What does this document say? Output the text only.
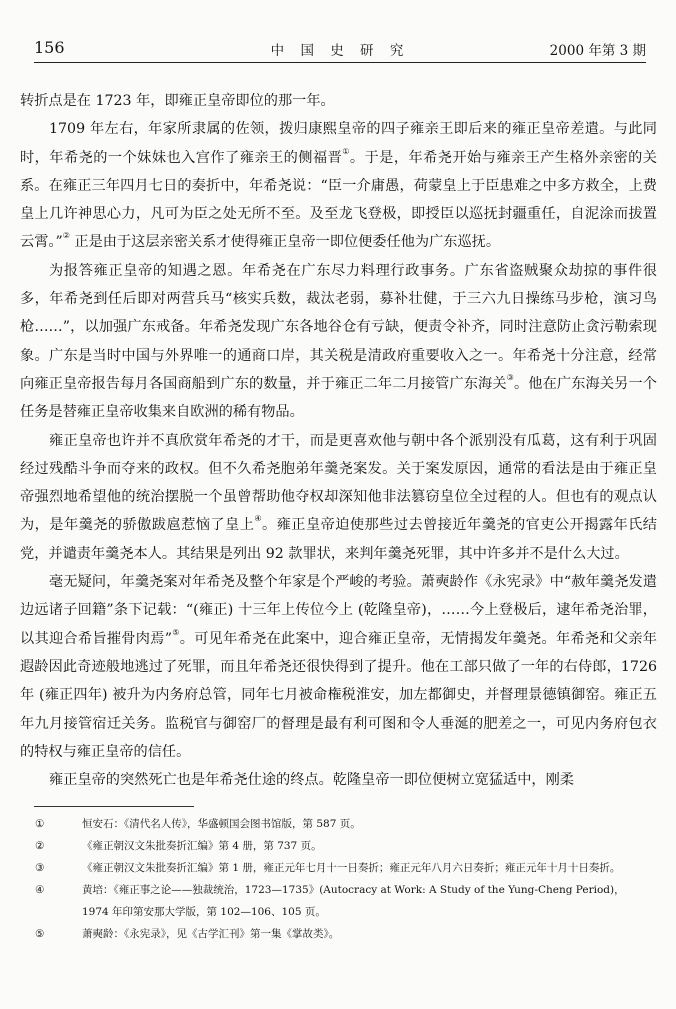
156	中 国 史 研 究	2000 年第 3 期

转折点是在 1723 年，即雍正皇帝即位的那一年。

1709 年左右，年家所隶属的佐领，拨归康熙皇帝的四子雍亲王即后来的雍正皇帝差遣。与此同时，年希尧的一个妹妹也入宫作了雍亲王的侧福晋①。于是，年希尧开始与雍亲王产生格外亲密的关系。在雍正三年四月七日的奏折中，年希尧说：“臣一介庸愚，荷蒙皇上于臣患难之中多方救全，上费皇上几许神思心力，凡可为臣之处无所不至。及至龙飞登极，即授臣以巡抚封疆重任，自泥涂而拔置云霄。”② 正是由于这层亲密关系才使得雍正皇帝一即位便委任他为广东巡抚。

为报答雍正皇帝的知遇之恩。年希尧在广东尽力料理行政事务。广东省盗贼聚众劫掠的事件很多，年希尧到任后即对两营兵马“核实兵数，裁汰老弱，募补壮健，于三六九日操练马步枪，演习鸟枪……”，以加强广东戒备。年希尧发现广东各地谷仓有亏缺，便责令补齐，同时注意防止贪污勒索现象。广东是当时中国与外界唯一的通商口岸，其关税是清政府重要收入之一。年希尧十分注意，经常向雍正皇帝报告每月各国商船到广东的数量，并于雍正二年二月接管广东海关③。他在广东海关另一个任务是替雍正皇帝收集来自欧洲的稀有物品。

雍正皇帝也许并不真欣赏年希尧的才干，而是更喜欢他与朝中各个派别没有瓜葛，这有利于巩固经过残酷斗争而夺来的政权。但不久希尧胞弟年羹尧案发。关于案发原因，通常的看法是由于雍正皇帝强烈地希望他的统治摆脱一个虽曾帮助他夺权却深知他非法篡窃皇位全过程的人。但也有的观点认为，是年羹尧的骄傲跋扈惹恼了皇上④。雍正皇帝迫使那些过去曾接近年羹尧的官吏公开揭露年氏结党，并谴责年羹尧本人。其结果是列出 92 款罪状，来判年羹尧死罪，其中许多并不是什么大过。

毫无疑问，年羹尧案对年希尧及整个年家是个严峻的考验。萧奭龄作《永宪录》中“赦年羹尧发遣边远诸子回籍”条下记载：“(雍正) 十三年上传位今上 (乾隆皇帝)，……今上登极后，逮年希尧治罪，以其迎合希旨摧骨肉焉”⑤。可见年希尧在此案中，迎合雍正皇帝，无情揭发年羹尧。年希尧和父亲年遐龄因此奇迹般地逃过了死罪，而且年希尧还很快得到了提升。他在工部只做了一年的右侍郎，1726 年 (雍正四年) 被升为内务府总管，同年七月被命権税淮安，加左都御史，并督理景德镇御窑。雍正五年九月接管宿迁关务。监税官与御窑厂的督理是最有利可图和令人垂涎的肥差之一，可见内务府包衣的特权与雍正皇帝的信任。

雍正皇帝的突然死亡也是年希尧仕途的终点。乾隆皇帝一即位便树立宽猛适中，刚柔

①	恒安石：《清代名人传》，华盛顿国会图书馆版，第 587 页。
②	《雍正朝汉文朱批奏折汇编》第 4 册，第 737 页。
③	《雍正朝汉文朱批奏折汇编》第 1 册，雍正元年七月十一日奏折；雍正元年八月六日奏折；雍正元年十月十日奏折。
④	黄培：《雍正事之论——独裁统治，1723—1735》(Autocracy at Work: A Study of the Yung-Cheng Period)，1974 年印第安那大学版，第 102—106、105 页。
⑤	萧奭龄：《永宪录》，见《古学汇刊》第一集《掌故类》。
